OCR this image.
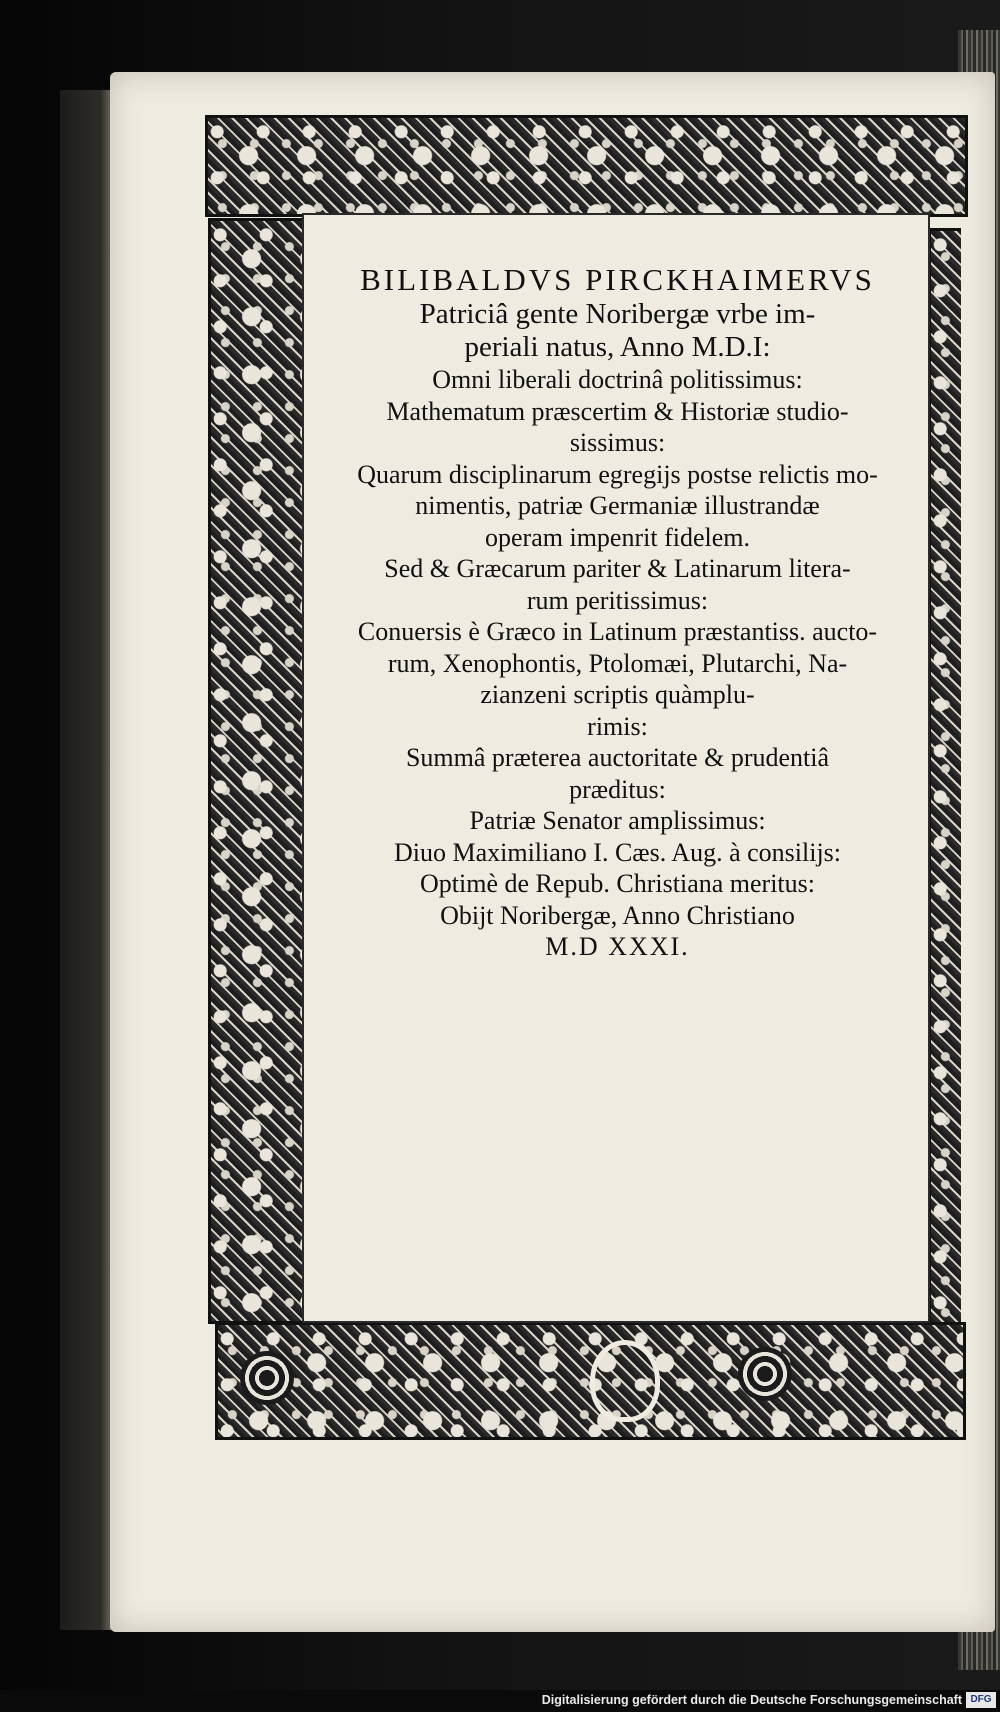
BILIBALDVS PIRCKHAIMERVS

Patriciâ gente Noribergæ vrbe im-

periali natus, Anno M.D.I:

Omni liberali doctrinâ politissimus:

Mathematum præscertim & Historiæ studio-

sissimus:

Quarum disciplinarum egregijs postse relictis mo-

nimentis, patriæ Germaniæ illustrandæ

operam impenrit fidelem.

Sed & Græcarum pariter & Latinarum litera-

rum peritissimus:

Conuersis è Græco in Latinum præstantiss. aucto-

rum, Xenophontis, Ptolomæi, Plutarchi, Na-

zianzeni scriptis quàmplu-

rimis:

Summâ præterea auctoritate & prudentiâ

præditus:

Patriæ Senator amplissimus:

Diuo Maximiliano I. Cæs. Aug. à consilijs:

Optimè de Repub. Christiana meritus:

Obijt Noribergæ, Anno Christiano

M.D XXXI.

Digitalisierung gefördert durch die Deutsche Forschungsgemeinschaft DFG
